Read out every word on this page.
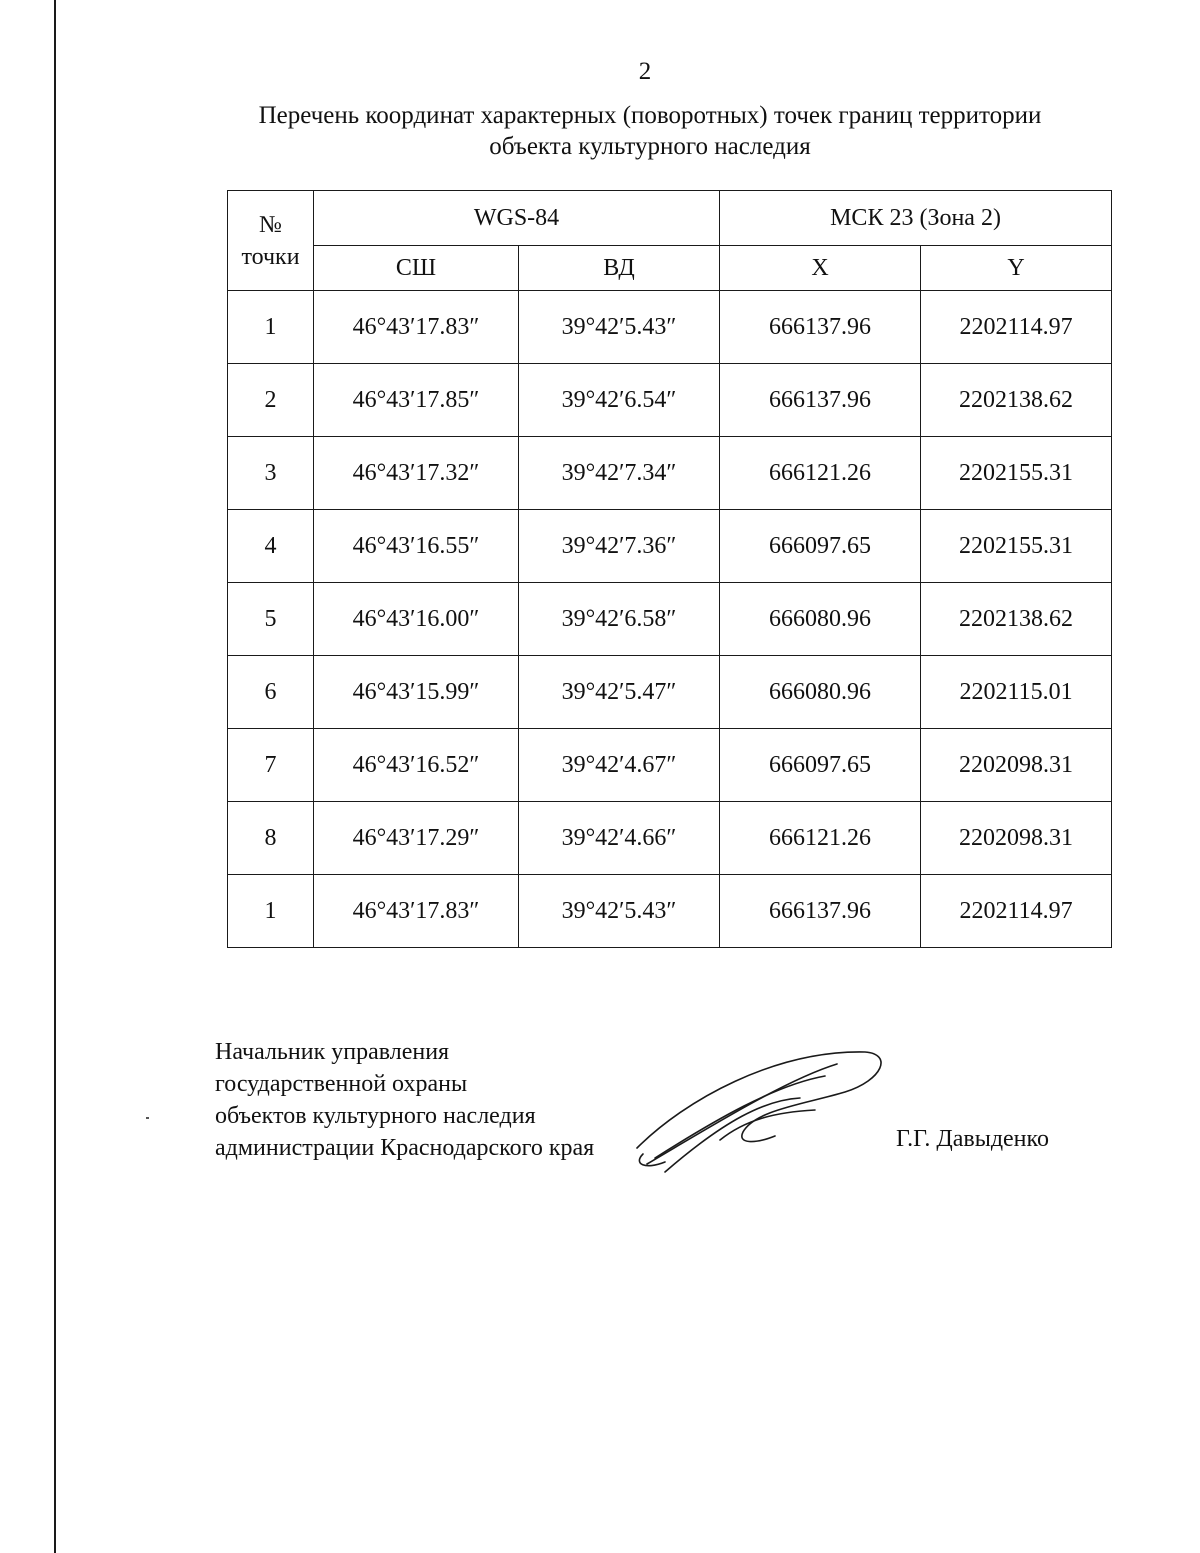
2
Перечень координат характерных (поворотных) точек границ территории
объекта культурного наследия
№
точки	WGS-84		МСК 23 (Зона 2)	
	СШ	ВД	X	Y
1	46°43′17.83″	39°42′5.43″	666137.96	2202114.97
2	46°43′17.85″	39°42′6.54″	666137.96	2202138.62
3	46°43′17.32″	39°42′7.34″	666121.26	2202155.31
4	46°43′16.55″	39°42′7.36″	666097.65	2202155.31
5	46°43′16.00″	39°42′6.58″	666080.96	2202138.62
6	46°43′15.99″	39°42′5.47″	666080.96	2202115.01
7	46°43′16.52″	39°42′4.67″	666097.65	2202098.31
8	46°43′17.29″	39°42′4.66″	666121.26	2202098.31
1	46°43′17.83″	39°42′5.43″	666137.96	2202114.97
Начальник управления
государственной охраны
объектов культурного наследия
администрации Краснодарского края	Г.Г. Давыденко
